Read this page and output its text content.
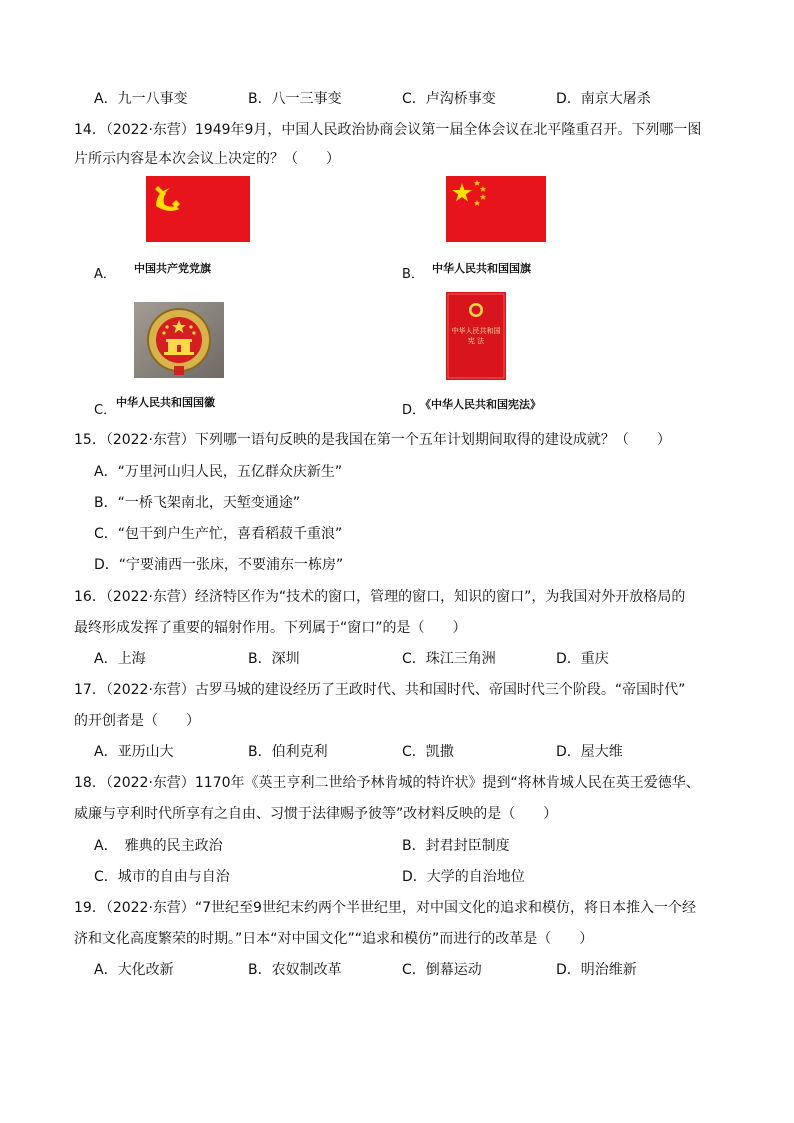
A．九一八事变	B．八一三事变	C．卢沟桥事变	D．南京大屠杀
14．（2022·东营）1949年9月，中国人民政治协商会议第一届全体会议在北平隆重召开。下列哪一图
片所示内容是本次会议上决定的？（　　）
A． 中国共产党党旗	B． 中华人民共和国国旗
C．
中华人民共和国国徽
中华人民共和国
宪 法
D．
《中华人民共和国宪法》
15．（2022·东营）下列哪一语句反映的是我国在第一个五年计划期间取得的建设成就？（　　）
A．“万里河山归人民，五亿群众庆新生”
B．“一桥飞架南北，天堑变通途”
C．“包干到户生产忙，喜看稻菽千重浪”
D．“宁要浦西一张床，不要浦东一栋房”
16．（2022·东营）经济特区作为“技术的窗口，管理的窗口，知识的窗口”，为我国对外开放格局的
最终形成发挥了重要的辐射作用。下列属于“窗口”的是（　　）
A．上海	B．深圳	C．珠江三角洲	D．重庆
17．（2022·东营）古罗马城的建设经历了王政时代、共和国时代、帝国时代三个阶段。“帝国时代”
的开创者是（　　）
A．亚历山大	B．伯利克利	C．凯撒	D．屋大维
18．（2022·东营）1170年《英王亨利二世给予林肯城的特许状》提到“将林肯城人民在英王爱德华、
威廉与亨利时代所享有之自由、习惯于法律赐予彼等”改材料反映的是（　　）
A．　雅典的民主政治	B．封君封臣制度
C．城市的自由与自治	D．大学的自治地位
19．（2022·东营）“7世纪至9世纪末约两个半世纪里，对中国文化的追求和模仿，将日本推入一个经
济和文化高度繁荣的时期。”日本“对中国文化”“追求和模仿”而进行的改革是（　　）
A．大化改新	B．农奴制改革	C．倒幕运动	D．明治维新
